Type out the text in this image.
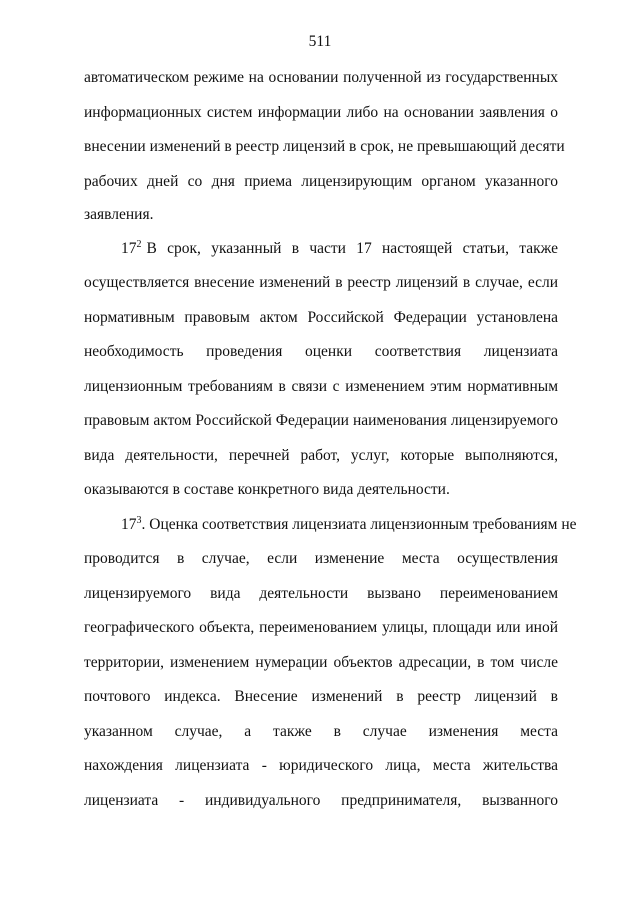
511
автоматическом режиме на основании полученной из государственных
информационных систем информации либо на основании заявления о
внесении изменений в реестр лицензий в срок, не превышающий десяти
рабочих дней со дня приема лицензирующим органом указанного
заявления.
$17^2$ В срок, указанный в части 17 настоящей статьи, также
осуществляется внесение изменений в реестр лицензий в случае, если
нормативным правовым актом Российской Федерации установлена
необходимость проведения оценки соответствия лицензиата
лицензионным требованиям в связи с изменением этим нормативным
правовым актом Российской Федерации наименования лицензируемого
вида деятельности, перечней работ, услуг, которые выполняются,
оказываются в составе конкретного вида деятельности.
$17^3$ . Оценка соответствия лицензиата лицензионным требованиям не
проводится в случае, если изменение места осуществления
лицензируемого вида деятельности вызвано переименованием
географического объекта, переименованием улицы, площади или иной
территории, изменением нумерации объектов адресации, в том числе
почтового индекса. Внесение изменений в реестр лицензий в
указанном случае, а также в случае изменения места
нахождения лицензиата - юридического лица, места жительства
лицензиата - индивидуального предпринимателя, вызванного
